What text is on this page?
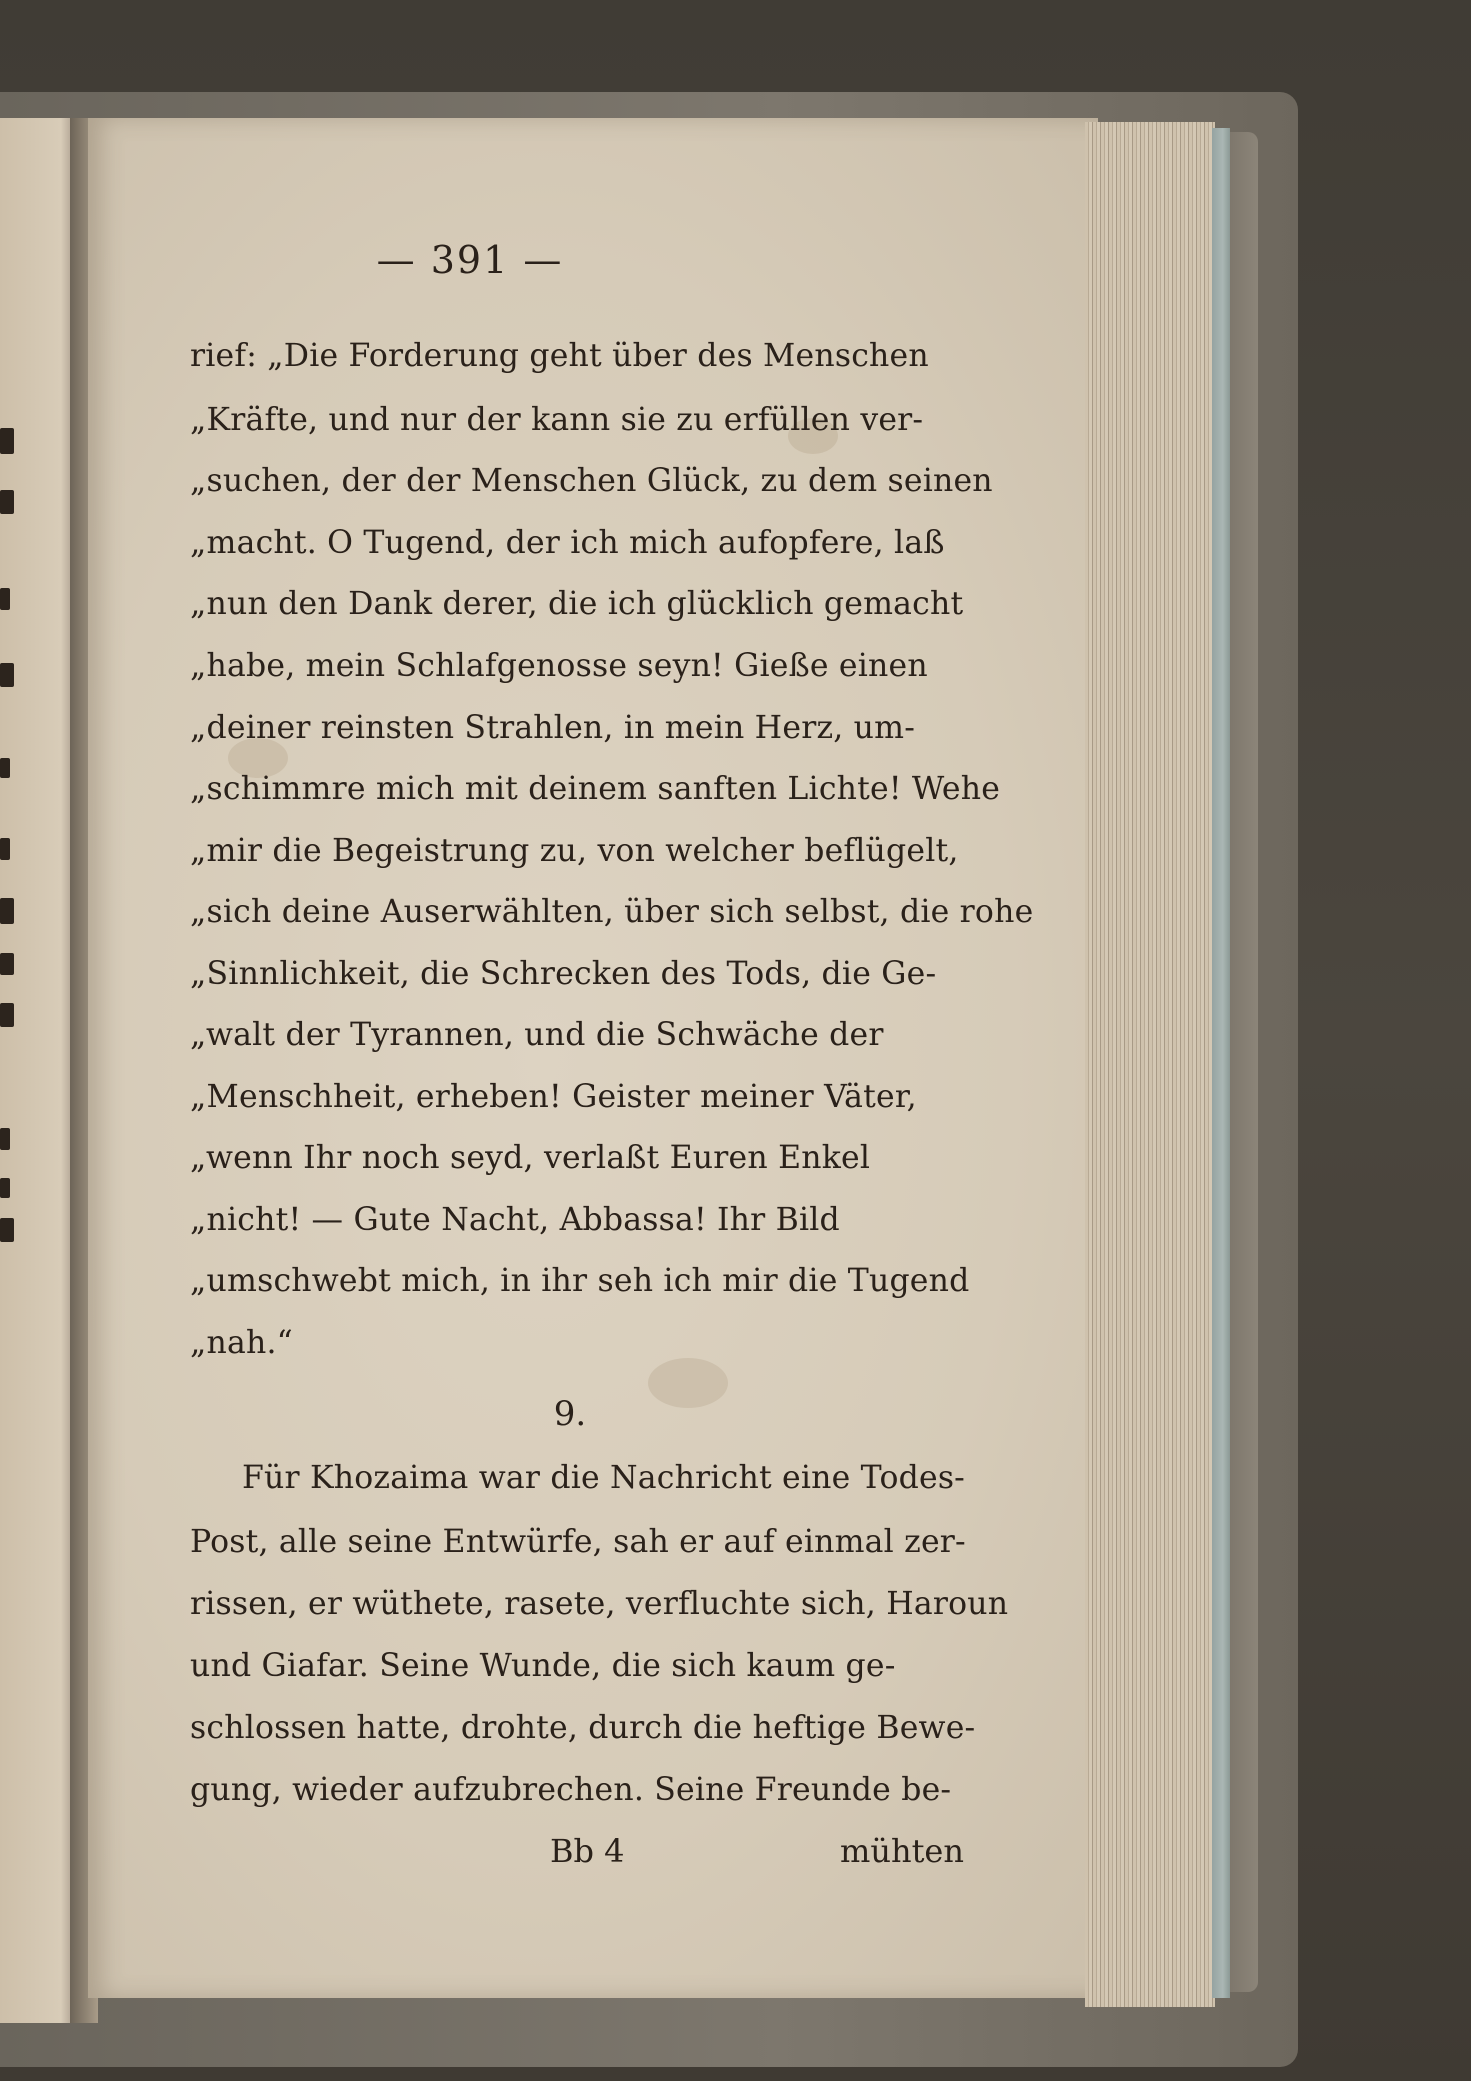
— 391 —
rief: „Die Forderung geht über des Menschen
„Kräfte, und nur der kann sie zu erfüllen ver-
„suchen, der der Menschen Glück, zu dem seinen
„macht. O Tugend, der ich mich aufopfere, laß
„nun den Dank derer, die ich glücklich gemacht
„habe, mein Schlafgenosse seyn! Gieße einen
„deiner reinsten Strahlen, in mein Herz, um-
„schimmre mich mit deinem sanften Lichte! Wehe
„mir die Begeistrung zu, von welcher beflügelt,
„sich deine Auserwählten, über sich selbst, die rohe
„Sinnlichkeit, die Schrecken des Tods, die Ge-
„walt der Tyrannen, und die Schwäche der
„Menschheit, erheben! Geister meiner Väter,
„wenn Ihr noch seyd, verlaßt Euren Enkel
„nicht! — Gute Nacht, Abbassa! Ihr Bild
„umschwebt mich, in ihr seh ich mir die Tugend
„nah.“
9.
Für Khozaima war die Nachricht eine Todes-
Post, alle seine Entwürfe, sah er auf einmal zer-
rissen, er wüthete, rasete, verfluchte sich, Haroun
und Giafar. Seine Wunde, die sich kaum ge-
schlossen hatte, drohte, durch die heftige Bewe-
gung, wieder aufzubrechen. Seine Freunde be-
Bb 4	mühten
